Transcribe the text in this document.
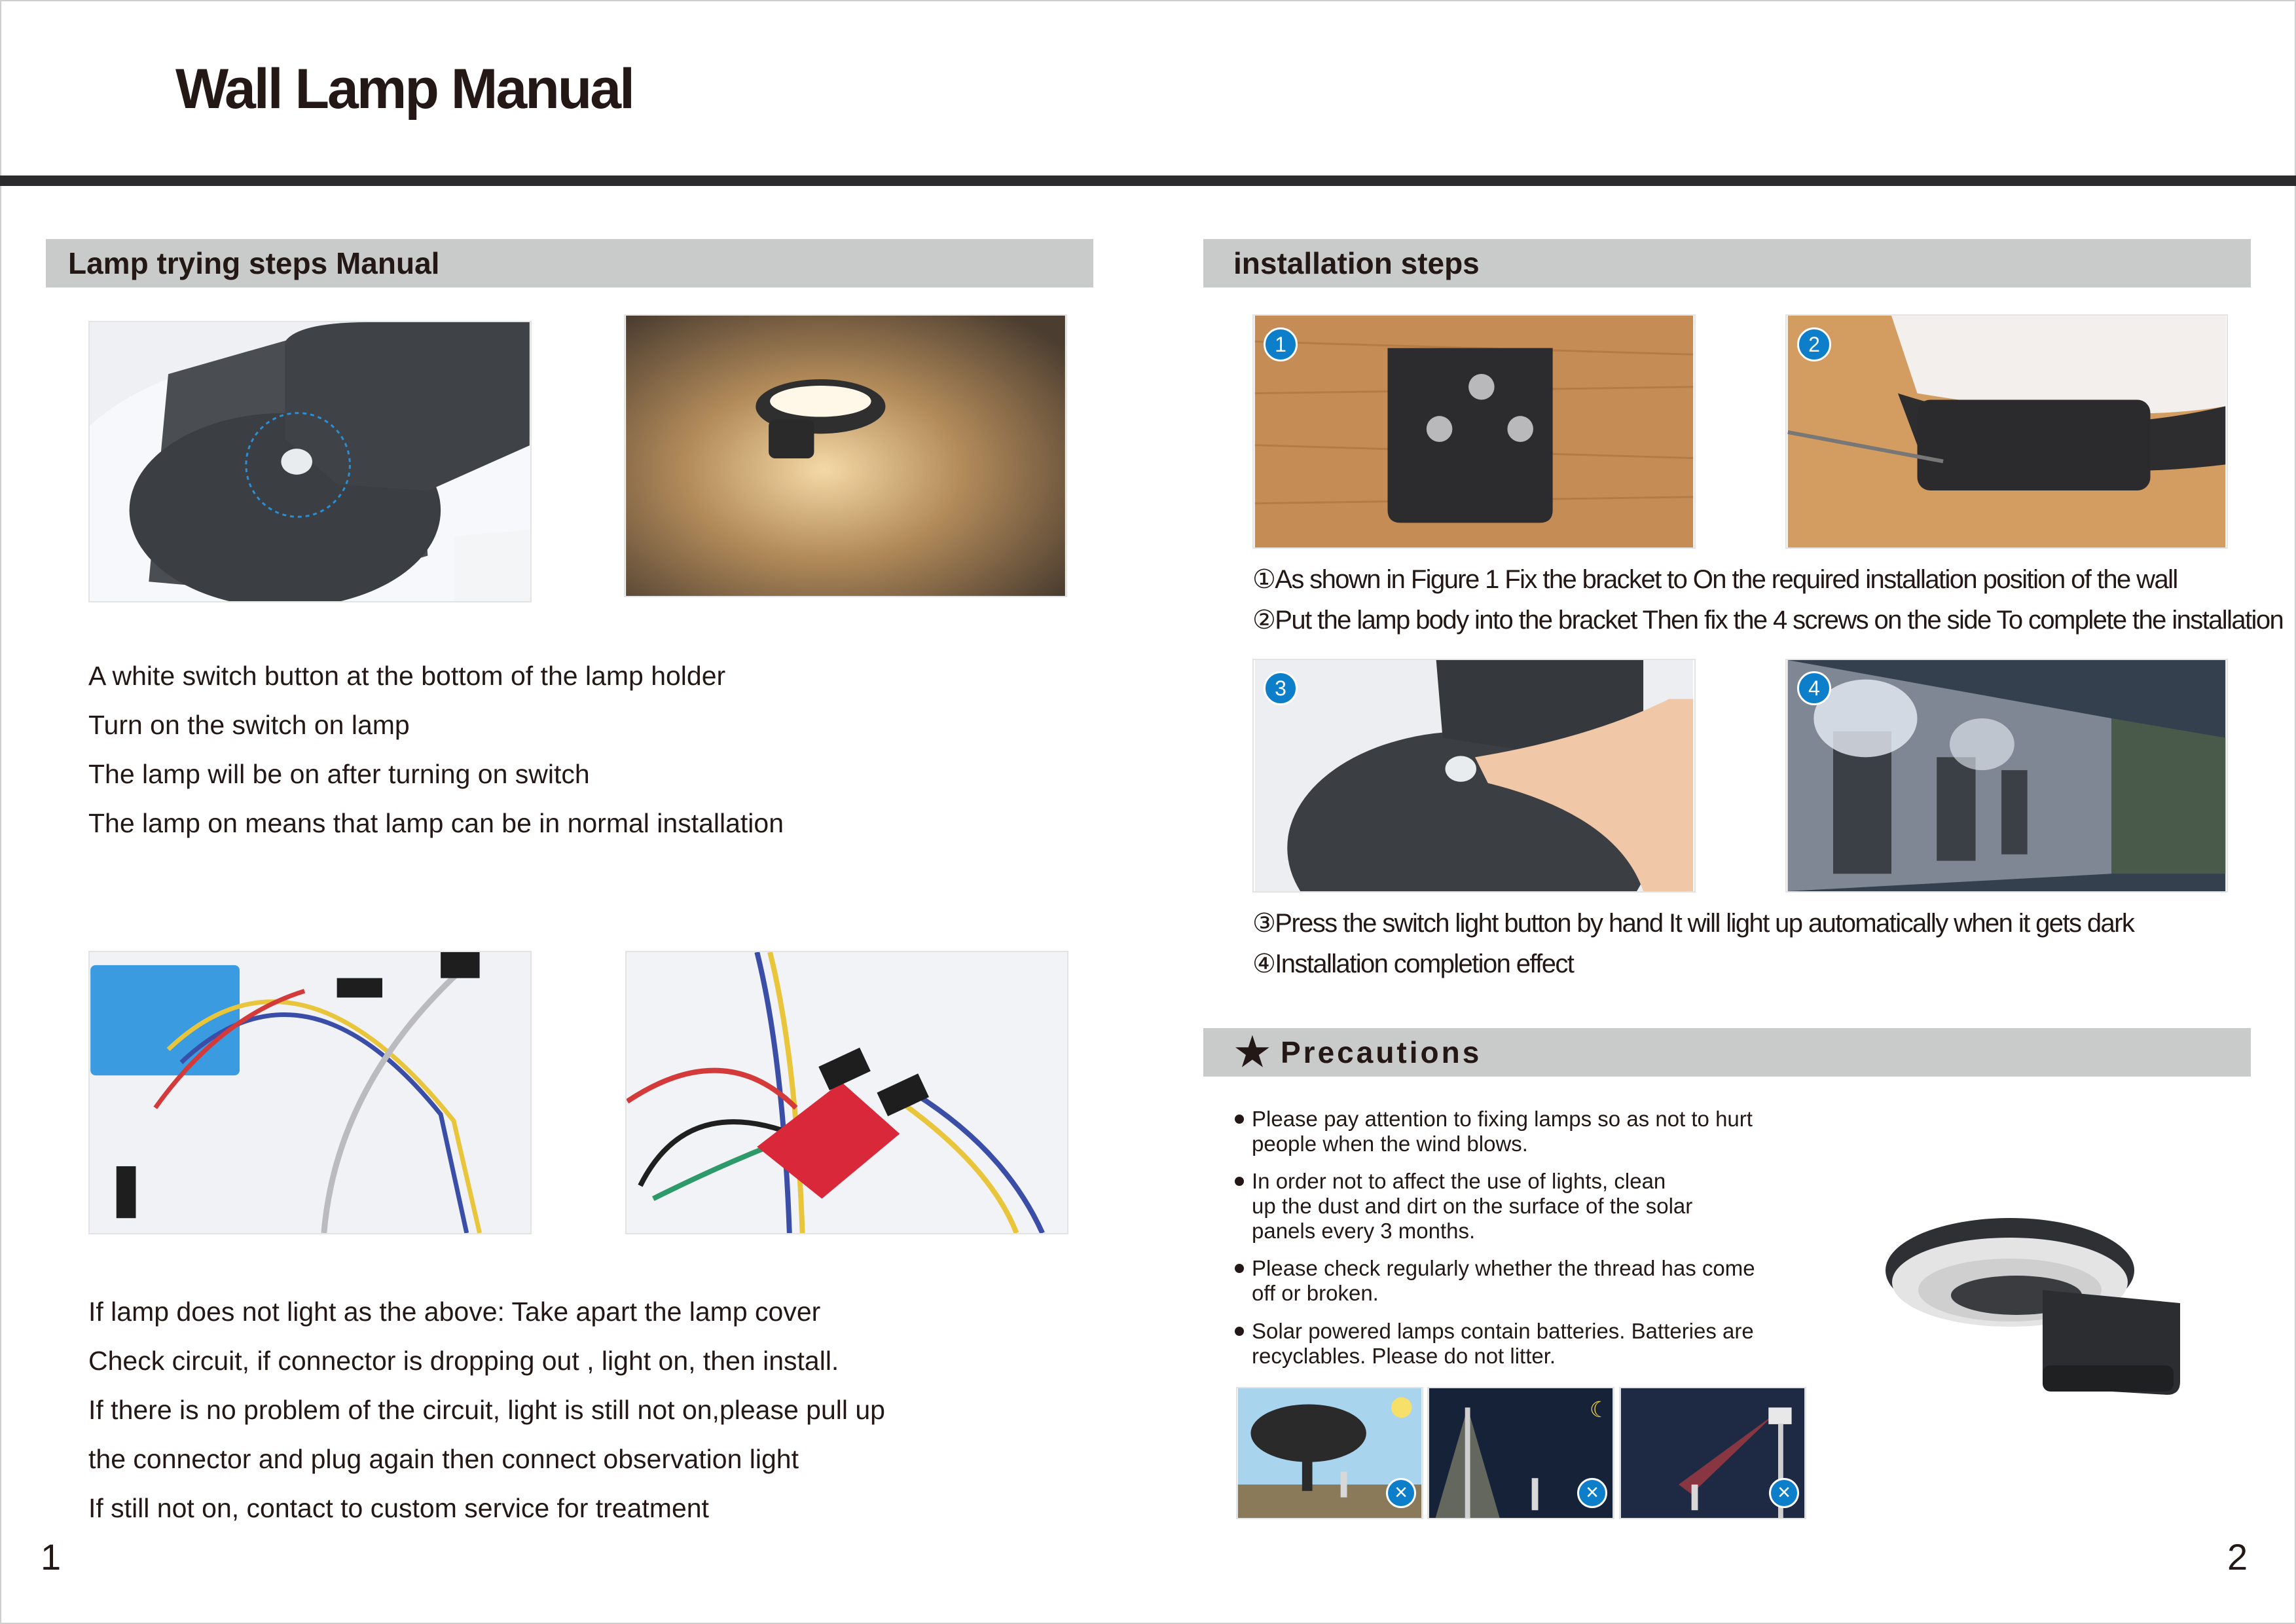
Wall Lamp Manual
Lamp trying steps Manual
A white switch button at the bottom of the lamp holder
Turn on the switch on lamp
The lamp will be on after turning on switch
The lamp on means that lamp can be in normal installation
If lamp does not light as the above: Take apart the lamp cover
Check circuit, if connector is dropping out , light on, then install.
If there is no problem of the circuit, light is still not on,please pull up
the connector and plug again then connect observation light
If still not on, contact to custom service for treatment
1
installation steps
1	2
①As shown in Figure 1 Fix the bracket to On the required installation position of the wall
②Put the lamp body into the bracket Then fix the 4 screws on the side To complete the installation
3	4
③Press the switch light button by hand It will light up automatically when it gets dark
④Installation completion effect
★ Precautions
Please pay attention to fixing lamps so as not to hurt
people when the wind blows.
In order not to affect the use of lights, clean
up the dust and dirt on the surface of the solar
panels every 3 months.
Please check regularly whether the thread has come
off or broken.
Solar powered lamps contain batteries. Batteries are
recyclables. Please do not litter.
×
☾
×	×
2
